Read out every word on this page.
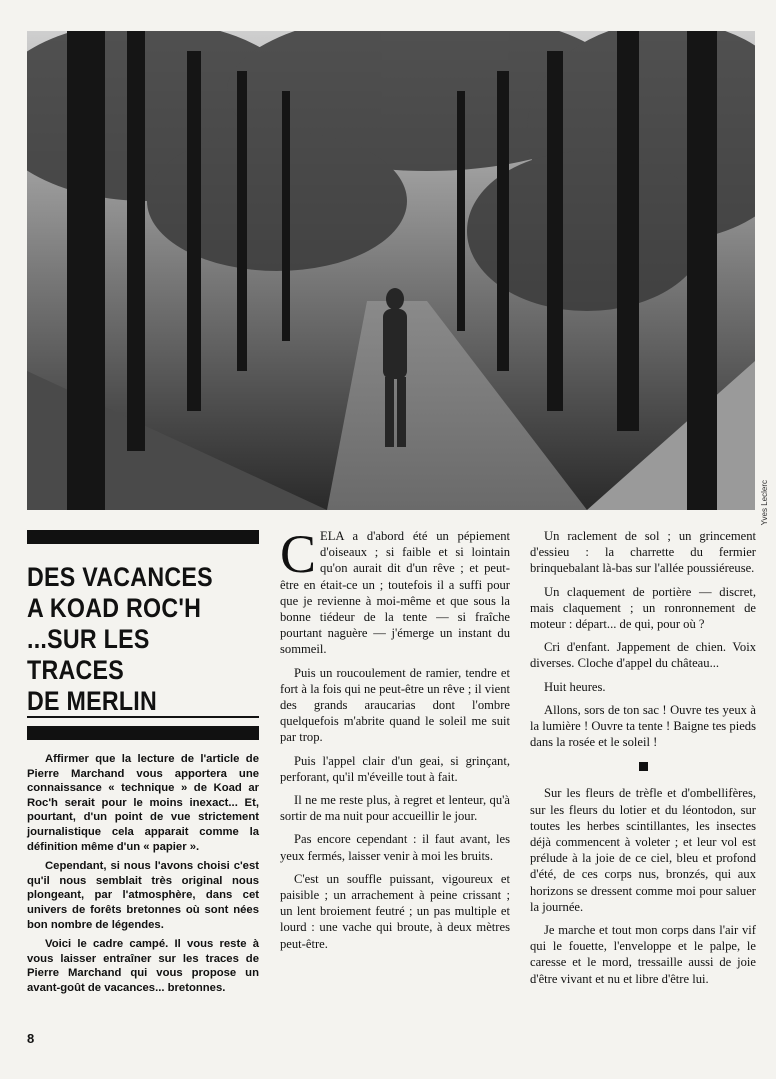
Yves Leclerc
DES VACANCES
A KOAD ROC'H
...SUR LES
TRACES
DE MERLIN

Affirmer que la lecture de l'article de Pierre Marchand vous apportera une connaissance « technique » de Koad ar Roc'h serait pour le moins inexact... Et, pourtant, d'un point de vue strictement journalistique cela apparait comme la définition même d'un « papier ».

Cependant, si nous l'avons choisi c'est qu'il nous semblait très original nous plongeant, par l'atmosphère, dans cet univers de forêts bretonnes où sont nées bon nombre de légendes.

Voici le cadre campé. Il vous reste à vous laisser entraîner sur les traces de Pierre Marchand qui vous propose un avant-goût de vacances... bretonnes.

CELA a d'abord été un pépiement d'oiseaux ; si faible et si lointain qu'on aurait dit d'un rêve ; et peut-être en était-ce un ; toutefois il a suffi pour que je revienne à moi-même et que sous la bonne tiédeur de la tente — si fraîche pourtant naguère — j'émerge un instant du sommeil.

Puis un roucoulement de ramier, tendre et fort à la fois qui ne peut-être un rêve ; il vient des grands araucarias dont l'ombre quelquefois m'abrite quand le soleil me suit par trop.

Puis l'appel clair d'un geai, si grinçant, perforant, qu'il m'éveille tout à fait.

Il ne me reste plus, à regret et lenteur, qu'à sortir de ma nuit pour accueillir le jour.

Pas encore cependant : il faut avant, les yeux fermés, laisser venir à moi les bruits.

C'est un souffle puissant, vigoureux et paisible ; un arrachement à peine crissant ; un lent broiement feutré ; un pas multiple et lourd : une vache qui broute, à deux mètres peut-être.

Un raclement de sol ; un grincement d'essieu : la charrette du fermier brinquebalant là-bas sur l'allée poussiéreuse.

Un claquement de portière — discret, mais claquement ; un ronronnement de moteur : départ... de qui, pour où ?

Cri d'enfant. Jappement de chien. Voix diverses. Cloche d'appel du château...

Huit heures.

Allons, sors de ton sac ! Ouvre tes yeux à la lumière ! Ouvre ta tente ! Baigne tes pieds dans la rosée et le soleil !

Sur les fleurs de trèfle et d'ombellifères, sur les fleurs du lotier et du léontodon, sur toutes les herbes scintillantes, les insectes déjà commencent à voleter ; et leur vol est prélude à la joie de ce ciel, bleu et profond d'été, de ces corps nus, bronzés, qui aux horizons se dressent comme moi pour saluer la journée.

Je marche et tout mon corps dans l'air vif qui le fouette, l'enveloppe et le palpe, le caresse et le mord, tressaille aussi de joie d'être vivant et nu et libre d'être lui.

8
